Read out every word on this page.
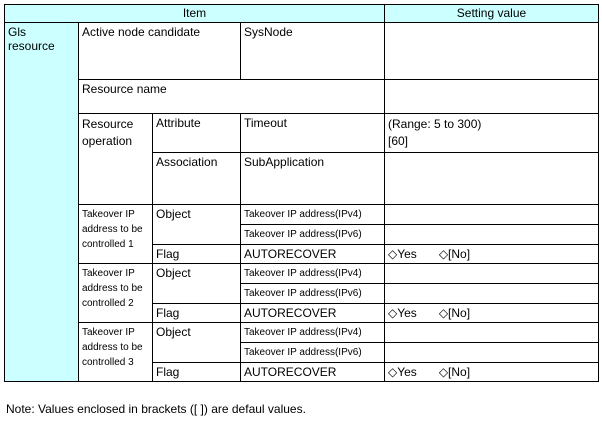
Item				Setting value
Gls resource	Active node candidate		SysNode	
	Resource name			
	Resource operation	Attribute	Timeout	(Range: 5 to 300)
[60]

		Association	SubApplication	
	Takeover IP address to be controlled 1	Object	Takeover IP address(IPv4)	
			Takeover IP address(IPv6)	
		Flag	AUTORECOVER	◇Yes ◇[No]
	Takeover IP address to be controlled 2	Object	Takeover IP address(IPv4)	
			Takeover IP address(IPv6)	
		Flag	AUTORECOVER	◇Yes ◇[No]
	Takeover IP address to be controlled 3	Object	Takeover IP address(IPv4)	
			Takeover IP address(IPv6)	
		Flag	AUTORECOVER	◇Yes ◇[No]
Note: Values enclosed in brackets ([ ]) are defaul values.
